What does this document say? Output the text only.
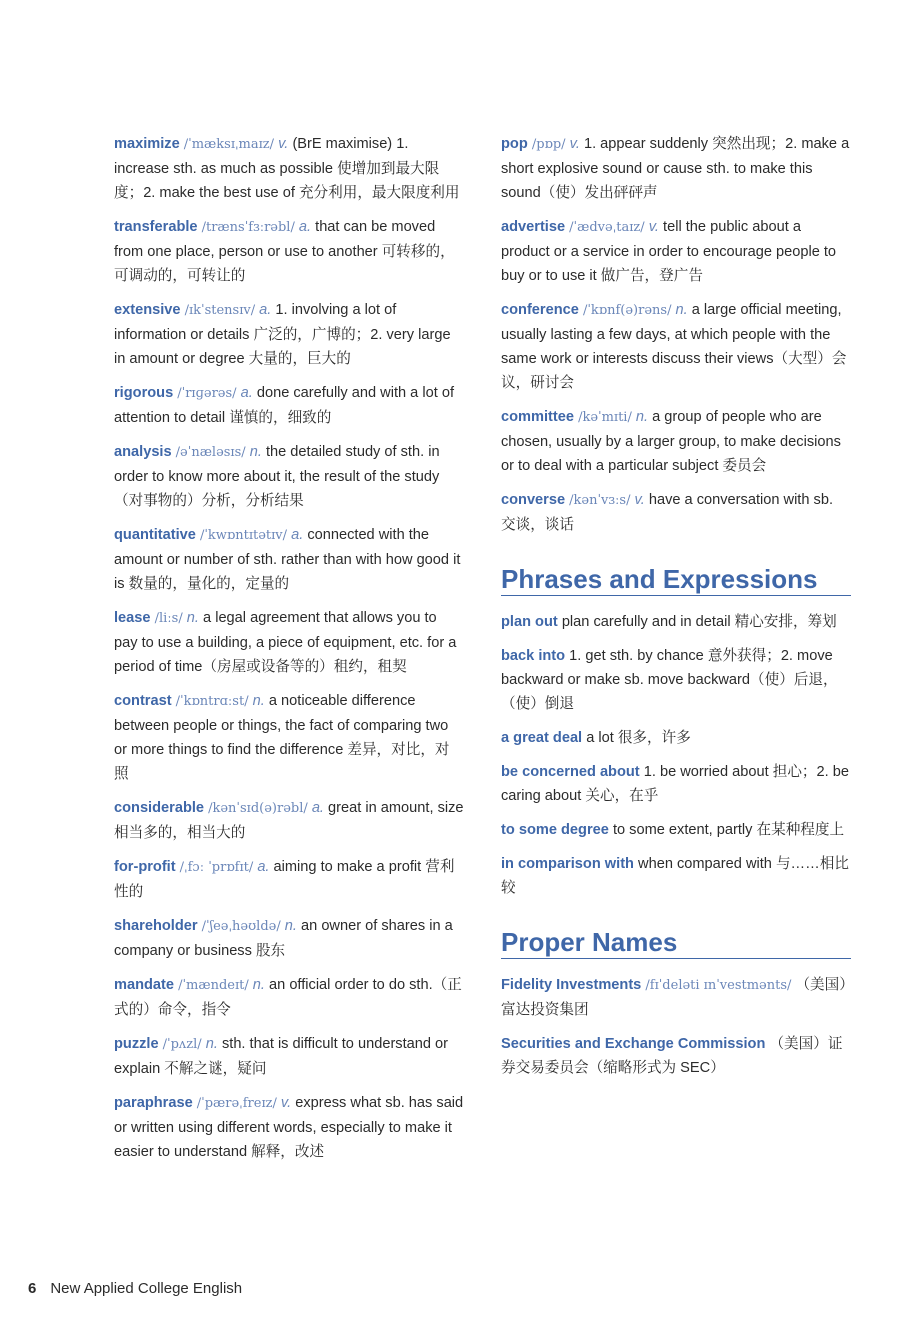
maximize /ˈmæksɪˌmaɪz/ v. (BrE maximise) 1. increase sth. as much as possible 使增加到最大限度；2. make the best use of 充分利用，最大限度利用
transferable /trænsˈfɜːrəbl/ a. that can be moved from one place, person or use to another 可转移的，可调动的，可转让的
extensive /ɪkˈstensɪv/ a. 1. involving a lot of information or details 广泛的，广博的；2. very large in amount or degree 大量的，巨大的
rigorous /ˈrɪɡərəs/ a. done carefully and with a lot of attention to detail 谨慎的，细致的
analysis /əˈnæləsɪs/ n. the detailed study of sth. in order to know more about it, the result of the study（对事物的）分析，分析结果
quantitative /ˈkwɒntɪtətɪv/ a. connected with the amount or number of sth. rather than with how good it is 数量的，量化的，定量的
lease /liːs/ n. a legal agreement that allows you to pay to use a building, a piece of equipment, etc. for a period of time（房屋或设备等的）租约，租契
contrast /ˈkɒntrɑːst/ n. a noticeable difference between people or things, the fact of comparing two or more things to find the difference 差异，对比，对照
considerable /kənˈsɪd(ə)rəbl/ a. great in amount, size 相当多的，相当大的
for-profit /ˌfɔː ˈprɒfɪt/ a. aiming to make a profit 营利性的
shareholder /ˈʃeəˌhəʊldə/ n. an owner of shares in a company or business 股东
mandate /ˈmændeɪt/ n. an official order to do sth.（正式的）命令，指令
puzzle /ˈpʌzl/ n. sth. that is difficult to understand or explain 不解之谜，疑问
paraphrase /ˈpærəˌfreɪz/ v. express what sb. has said or written using different words, especially to make it easier to understand 解释，改述
pop /pɒp/ v. 1. appear suddenly 突然出现；2. make a short explosive sound or cause sth. to make this sound（使）发出砰砰声
advertise /ˈædvəˌtaɪz/ v. tell the public about a product or a service in order to encourage people to buy or to use it 做广告，登广告
conference /ˈkɒnf(ə)rəns/ n. a large official meeting, usually lasting a few days, at which people with the same work or interests discuss their views（大型）会议，研讨会
committee /kəˈmɪti/ n. a group of people who are chosen, usually by a larger group, to make decisions or to deal with a particular subject 委员会
converse /kənˈvɜːs/ v. have a conversation with sb. 交谈，谈话
Phrases and Expressions
plan out plan carefully and in detail 精心安排，筹划
back into 1. get sth. by chance 意外获得；2. move backward or make sb. move backward（使）后退，（使）倒退
a great deal a lot 很多，许多
be concerned about 1. be worried about 担心；2. be caring about 关心，在乎
to some degree to some extent, partly 在某种程度上
in comparison with when compared with 与……相比较
Proper Names
Fidelity Investments /fɪˈdeləti ɪnˈvestmənts/ （美国）富达投资集团
Securities and Exchange Commission （美国）证券交易委员会（缩略形式为 SEC）
6 New Applied College English
